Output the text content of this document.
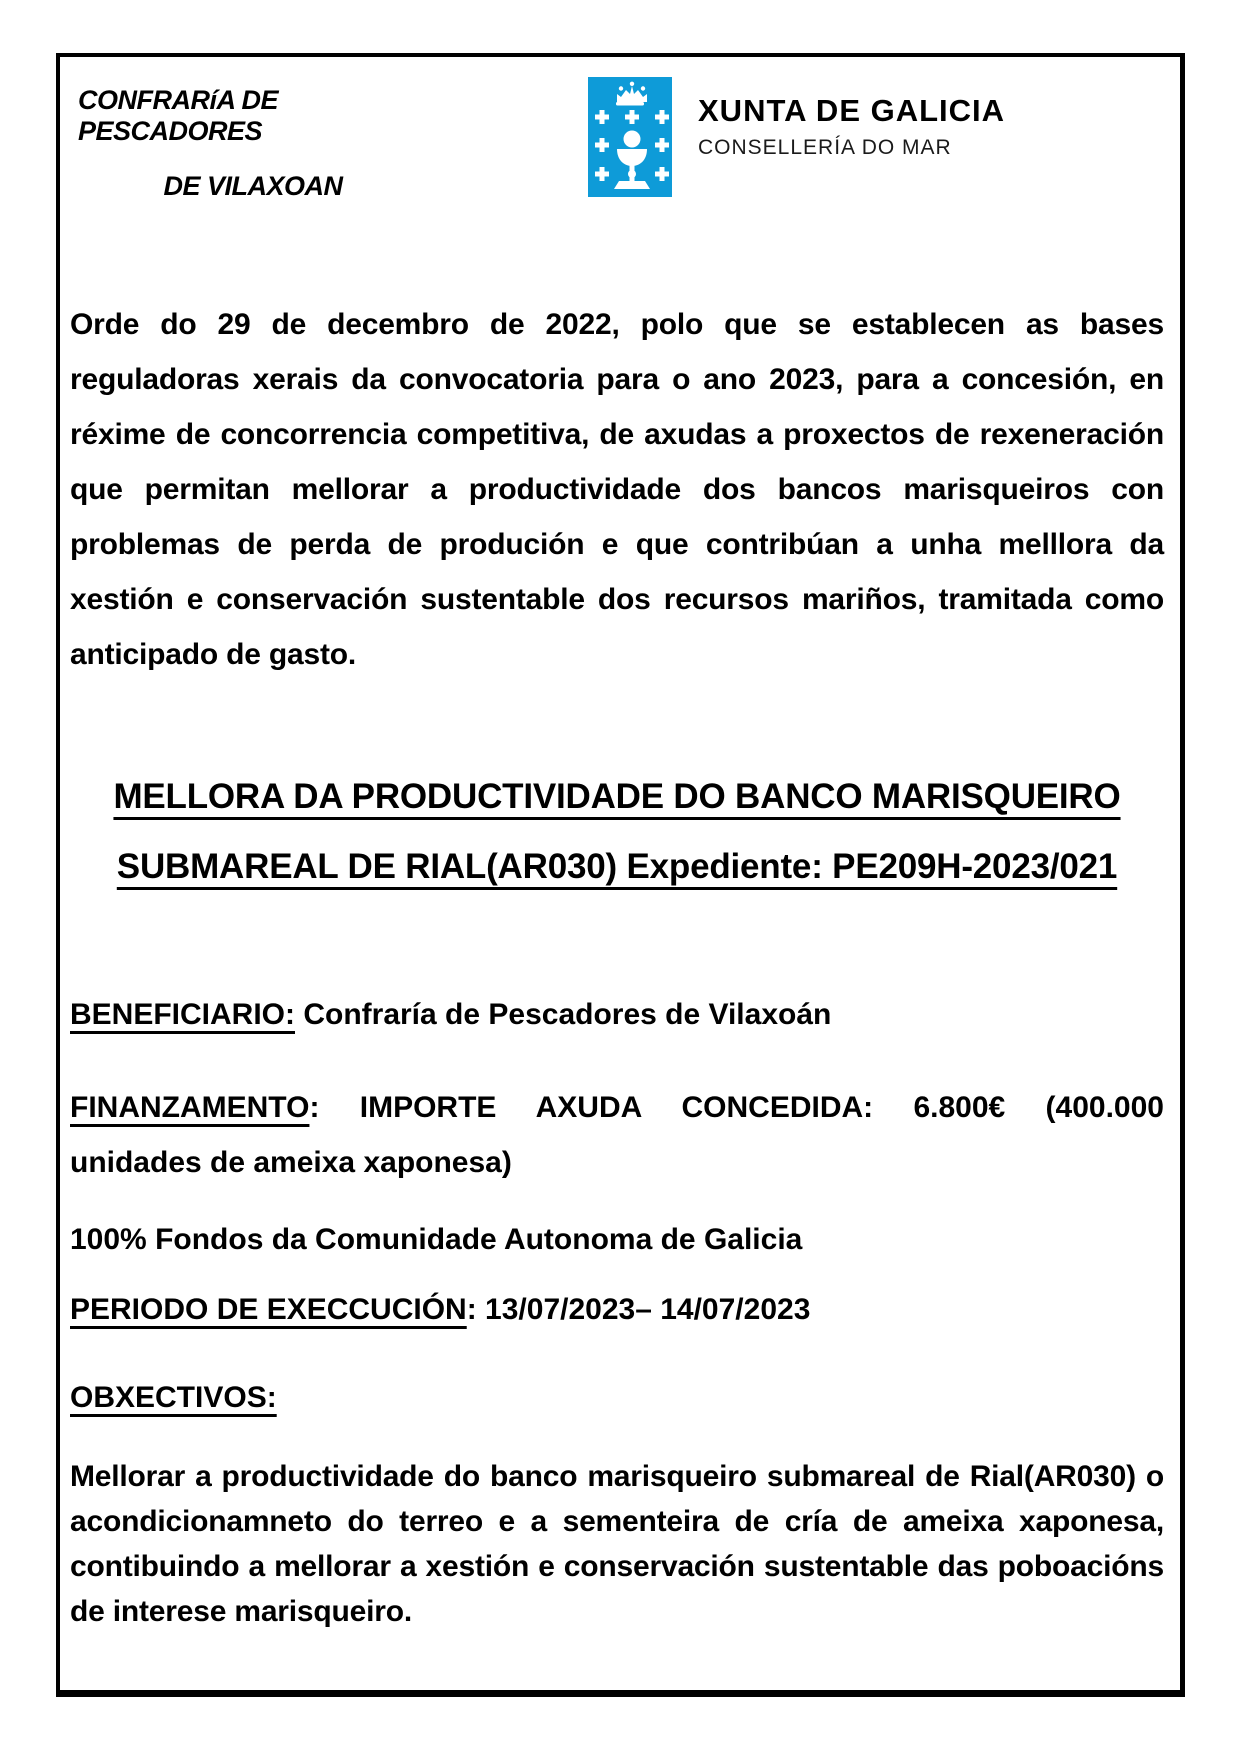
CONFRARíA DE PESCADORES
DE VILAXOAN
XUNTA DE GALICIA
CONSELLERÍA DO MAR

Orde do 29 de decembro de 2022, polo que se establecen as bases reguladoras xerais da convocatoria para o ano 2023, para a concesión, en réxime de concorrencia competitiva, de axudas a proxectos de rexeneración que permitan mellorar a productividade dos bancos marisqueiros con problemas de perda de produción e que contribúan a unha melllora da xestión e conservación sustentable dos recursos mariños, tramitada como anticipado de gasto.

MELLORA DA PRODUCTIVIDADE DO BANCO MARISQUEIRO
SUBMAREAL DE RIAL(AR030) Expediente: PE209H-2023/021

BENEFICIARIO: Confraría de Pescadores de Vilaxoán

FINANZAMENTO: IMPORTE AXUDA CONCEDIDA: 6.800€ (400.000 unidades de ameixa xaponesa)

100% Fondos da Comunidade Autonoma de Galicia

PERIODO DE EXECCUCIÓN: 13/07/2023– 14/07/2023

OBXECTIVOS:

Mellorar a productividade do banco marisqueiro submareal de Rial(AR030) o acondicionamneto do terreo e a sementeira de cría de ameixa xaponesa, contibuindo a mellorar a xestión e conservación sustentable das poboacións de interese marisqueiro.
